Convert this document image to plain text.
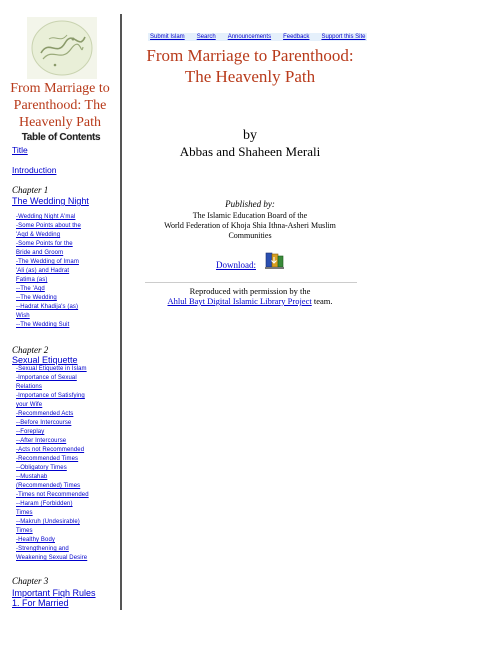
From Marriage to Parenthood: The Heavenly Path
Table of Contents
Title
Introduction
Chapter 1
The Wedding Night
-Wedding Night A'mal
-Some Points about the
'Aqd & Wedding
-Some Points for the
Bride and Groom
-The Wedding of Imam
'Ali (as) and Hadrat
Fatima (as)
--The 'Aqd
--The Wedding
--Hadrat Khadija's (as)
Wish
--The Wedding Suit
Chapter 2
Sexual Etiquette
-Sexual Etiquette in Islam
-Importance of Sexual
Relations
-Importance of Satisfying
your Wife
-Recommended Acts
--Before Intercourse
--Foreplay
--After Intercourse
-Acts not Recommended
-Recommended Times
--Obligatory Times
--Mustahab
(Recommended) Times
-Times not Recommended
--Haram (Forbidden)
Times
--Makruh (Undesirable)
Times
-Healthy Body
-Strengthening and
Weakening Sexual Desire
Chapter 3
Important Fiqh Rules
1. For Married
Submit Islam Search Announcements Feedback Support this Site
From Marriage to Parenthood: The Heavenly Path
by
Abbas and Shaheen Merali
Published by:
The Islamic Education Board of the
World Federation of Khoja Shia Ithna-Asheri Muslim
Communities
Download:
Reproduced with permission by the
Ahlul Bayt Digital Islamic Library Project team.
